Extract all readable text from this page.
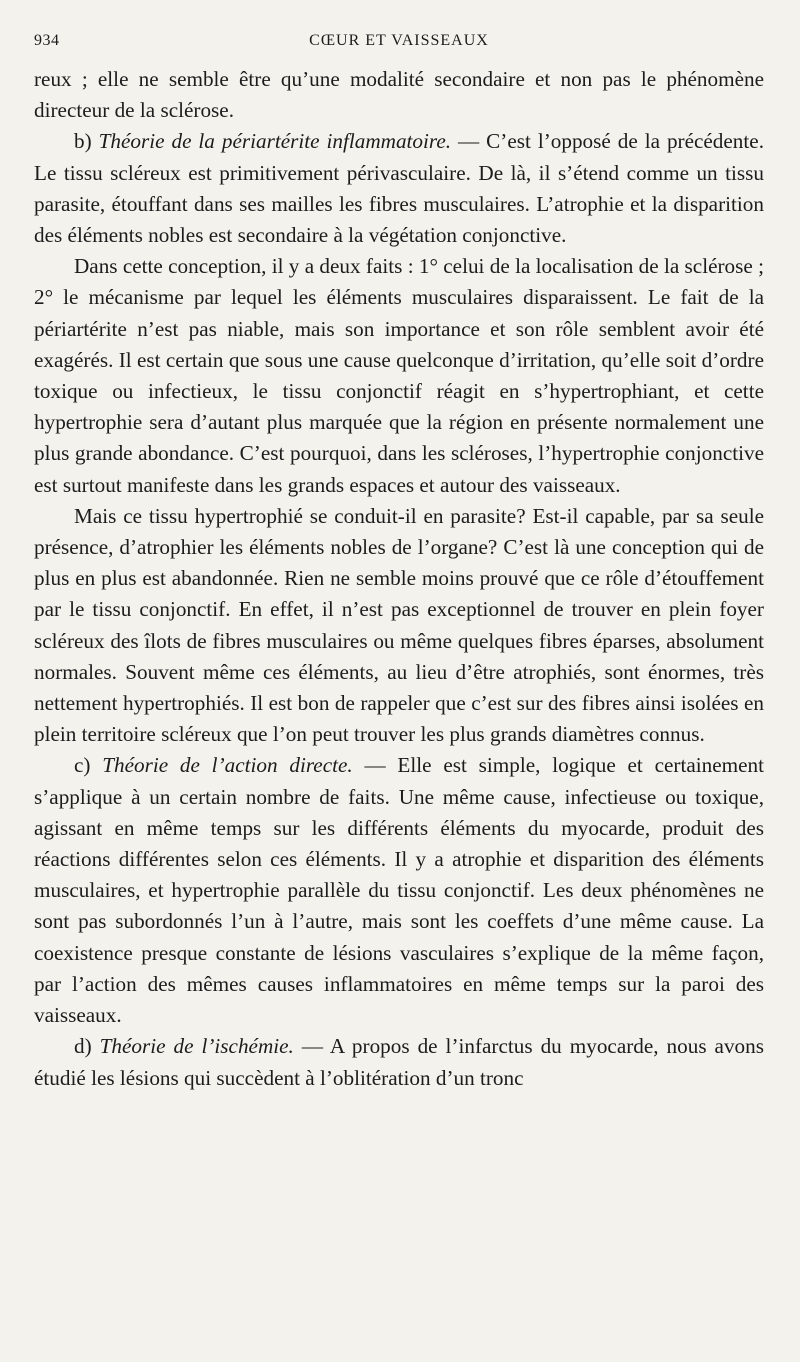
934	CŒUR ET VAISSEAUX

reux ; elle ne semble être qu’une modalité secondaire et non pas le phénomène directeur de la sclérose.

b) Théorie de la périartérite inflammatoire. — C’est l’opposé de la précédente. Le tissu scléreux est primitivement périvasculaire. De là, il s’étend comme un tissu parasite, étouffant dans ses mailles les fibres musculaires. L’atrophie et la disparition des éléments nobles est secondaire à la végétation conjonctive.

Dans cette conception, il y a deux faits : 1° celui de la localisation de la sclérose ; 2° le mécanisme par lequel les éléments musculaires disparaissent. Le fait de la périartérite n’est pas niable, mais son importance et son rôle semblent avoir été exagérés. Il est certain que sous une cause quelconque d’irritation, qu’elle soit d’ordre toxique ou infectieux, le tissu conjonctif réagit en s’hypertrophiant, et cette hypertrophie sera d’autant plus marquée que la région en présente normalement une plus grande abondance. C’est pourquoi, dans les scléroses, l’hypertrophie conjonctive est surtout manifeste dans les grands espaces et autour des vaisseaux.

Mais ce tissu hypertrophié se conduit-il en parasite? Est-il capable, par sa seule présence, d’atrophier les éléments nobles de l’organe? C’est là une conception qui de plus en plus est abandonnée. Rien ne semble moins prouvé que ce rôle d’étouffement par le tissu conjonctif. En effet, il n’est pas exceptionnel de trouver en plein foyer scléreux des îlots de fibres musculaires ou même quelques fibres éparses, absolument normales. Souvent même ces éléments, au lieu d’être atrophiés, sont énormes, très nettement hypertrophiés. Il est bon de rappeler que c’est sur des fibres ainsi isolées en plein territoire scléreux que l’on peut trouver les plus grands diamètres connus.

c) Théorie de l’action directe. — Elle est simple, logique et certainement s’applique à un certain nombre de faits. Une même cause, infectieuse ou toxique, agissant en même temps sur les différents éléments du myocarde, produit des réactions différentes selon ces éléments. Il y a atrophie et disparition des éléments musculaires, et hypertrophie parallèle du tissu conjonctif. Les deux phénomènes ne sont pas subordonnés l’un à l’autre, mais sont les coeffets d’une même cause. La coexistence presque constante de lésions vasculaires s’explique de la même façon, par l’action des mêmes causes inflammatoires en même temps sur la paroi des vaisseaux.

d) Théorie de l’ischémie. — A propos de l’infarctus du myocarde, nous avons étudié les lésions qui succèdent à l’oblitération d’un tronc
